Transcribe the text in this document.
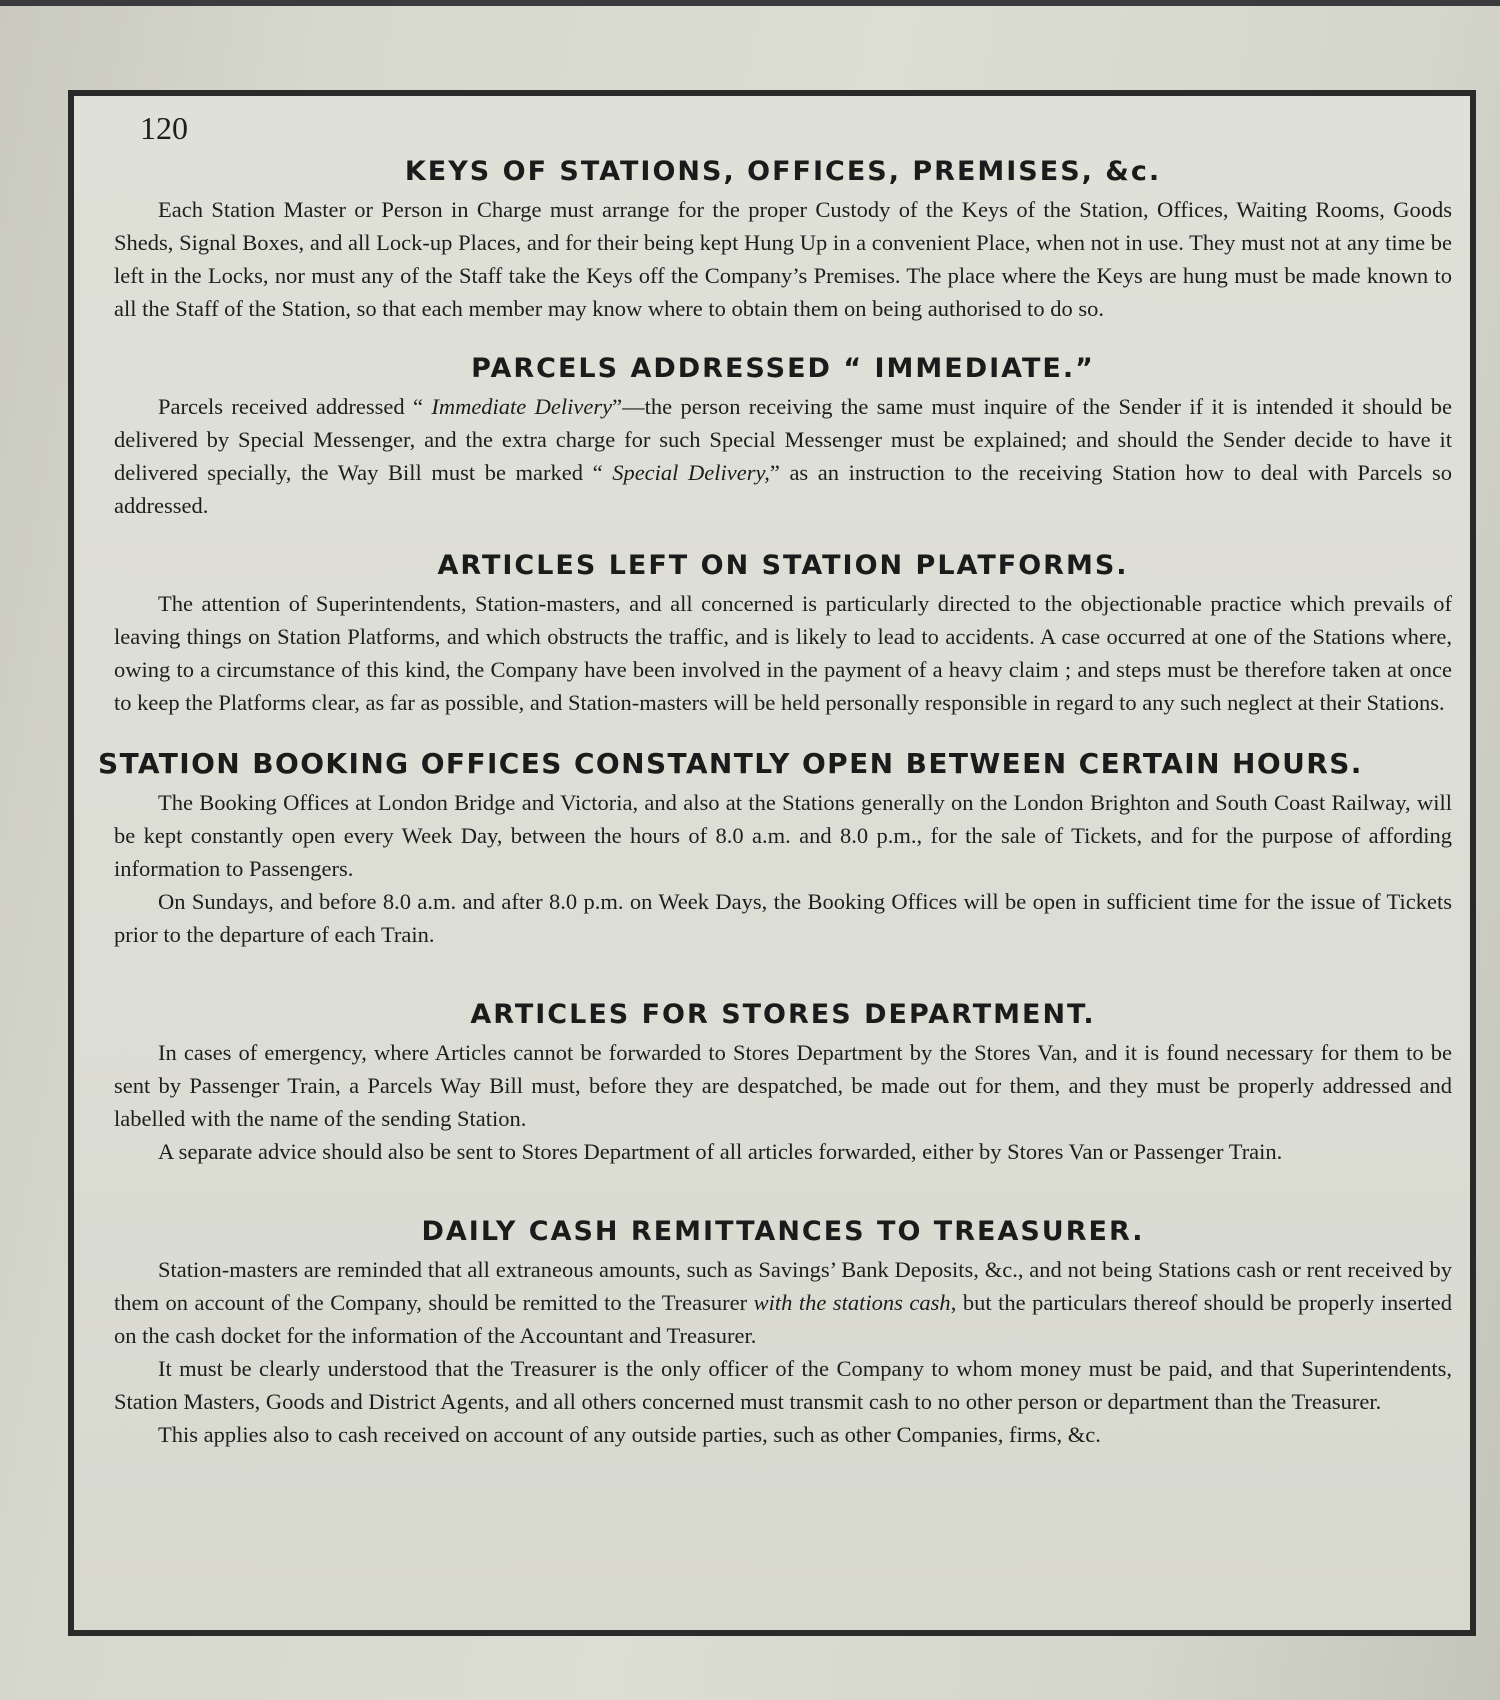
120
KEYS OF STATIONS, OFFICES, PREMISES, &c.

Each Station Master or Person in Charge must arrange for the proper Custody of the Keys of the Station, Offices, Waiting Rooms, Goods Sheds, Signal Boxes, and all Lock-up Places, and for their being kept Hung Up in a convenient Place, when not in use. They must not at any time be left in the Locks, nor must any of the Staff take the Keys off the Company’s Premises. The place where the Keys are hung must be made known to all the Staff of the Station, so that each member may know where to obtain them on being authorised to do so.

PARCELS ADDRESSED “ IMMEDIATE.”

Parcels received addressed “ Immediate Delivery”—the person receiving the same must inquire of the Sender if it is intended it should be delivered by Special Messenger, and the extra charge for such Special Messenger must be explained; and should the Sender decide to have it delivered specially, the Way Bill must be marked “ Special Delivery,” as an instruction to the receiving Station how to deal with Parcels so addressed.

ARTICLES LEFT ON STATION PLATFORMS.

The attention of Superintendents, Station-masters, and all concerned is particularly directed to the objectionable practice which prevails of leaving things on Station Platforms, and which obstructs the traffic, and is likely to lead to accidents. A case occurred at one of the Stations where, owing to a circumstance of this kind, the Company have been involved in the payment of a heavy claim ; and steps must be therefore taken at once to keep the Platforms clear, as far as possible, and Station-masters will be held personally responsible in regard to any such neglect at their Stations.

STATION BOOKING OFFICES CONSTANTLY OPEN BETWEEN CERTAIN HOURS.

The Booking Offices at London Bridge and Victoria, and also at the Stations generally on the London Brighton and South Coast Railway, will be kept constantly open every Week Day, between the hours of 8.0 a.m. and 8.0 p.m., for the sale of Tickets, and for the purpose of affording information to Passengers.

On Sundays, and before 8.0 a.m. and after 8.0 p.m. on Week Days, the Booking Offices will be open in sufficient time for the issue of Tickets prior to the departure of each Train.

ARTICLES FOR STORES DEPARTMENT.

In cases of emergency, where Articles cannot be forwarded to Stores Department by the Stores Van, and it is found necessary for them to be sent by Passenger Train, a Parcels Way Bill must, before they are despatched, be made out for them, and they must be properly addressed and labelled with the name of the sending Station.

A separate advice should also be sent to Stores Department of all articles forwarded, either by Stores Van or Passenger Train.

DAILY CASH REMITTANCES TO TREASURER.

Station-masters are reminded that all extraneous amounts, such as Savings’ Bank Deposits, &c., and not being Stations cash or rent received by them on account of the Company, should be remitted to the Treasurer with the stations cash, but the particulars thereof should be properly inserted on the cash docket for the information of the Accountant and Treasurer.

It must be clearly understood that the Treasurer is the only officer of the Company to whom money must be paid, and that Superintendents, Station Masters, Goods and District Agents, and all others concerned must transmit cash to no other person or department than the Treasurer.

This applies also to cash received on account of any outside parties, such as other Companies, firms, &c.
